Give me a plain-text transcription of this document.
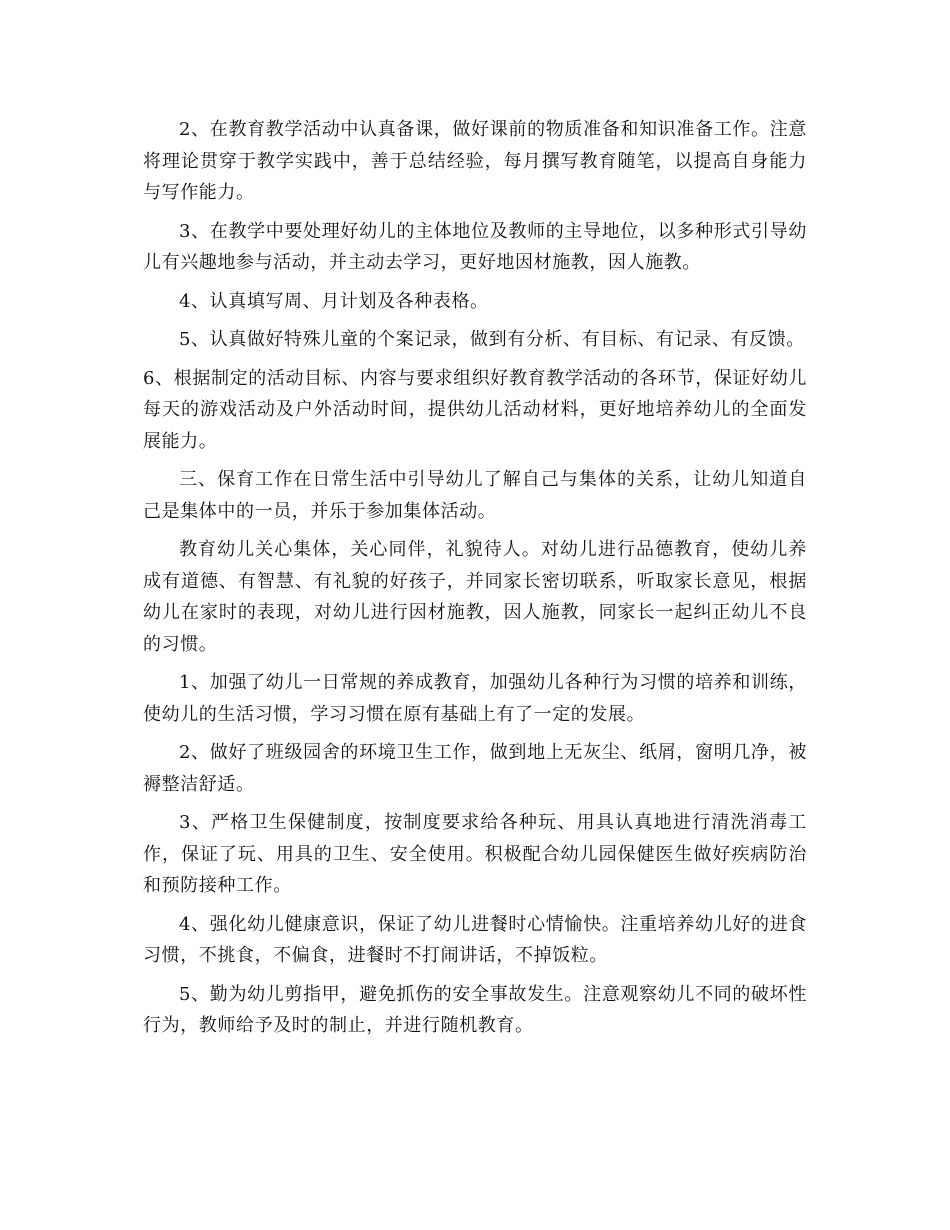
2、在教育教学活动中认真备课，做好课前的物质准备和知识准备工作。注意将理论贯穿于教学实践中，善于总结经验，每月撰写教育随笔，以提高自身能力与写作能力。

3、在教学中要处理好幼儿的主体地位及教师的主导地位，以多种形式引导幼儿有兴趣地参与活动，并主动去学习，更好地因材施教，因人施教。

4、认真填写周、月计划及各种表格。

5、认真做好特殊儿童的个案记录，做到有分析、有目标、有记录、有反馈。

6、根据制定的活动目标、内容与要求组织好教育教学活动的各环节，保证好幼儿每天的游戏活动及户外活动时间，提供幼儿活动材料，更好地培养幼儿的全面发展能力。

三、保育工作在日常生活中引导幼儿了解自己与集体的关系，让幼儿知道自己是集体中的一员，并乐于参加集体活动。

教育幼儿关心集体，关心同伴，礼貌待人。对幼儿进行品德教育，使幼儿养成有道德、有智慧、有礼貌的好孩子，并同家长密切联系，听取家长意见，根据幼儿在家时的表现，对幼儿进行因材施教，因人施教，同家长一起纠正幼儿不良的习惯。

1、加强了幼儿一日常规的养成教育，加强幼儿各种行为习惯的培养和训练，使幼儿的生活习惯，学习习惯在原有基础上有了一定的发展。

2、做好了班级园舍的环境卫生工作，做到地上无灰尘、纸屑，窗明几净，被褥整洁舒适。

3、严格卫生保健制度，按制度要求给各种玩、用具认真地进行清洗消毒工作，保证了玩、用具的卫生、安全使用。积极配合幼儿园保健医生做好疾病防治和预防接种工作。

4、强化幼儿健康意识，保证了幼儿进餐时心情愉快。注重培养幼儿好的进食习惯，不挑食，不偏食，进餐时不打闹讲话，不掉饭粒。

5、勤为幼儿剪指甲，避免抓伤的安全事故发生。注意观察幼儿不同的破坏性行为，教师给予及时的制止，并进行随机教育。
